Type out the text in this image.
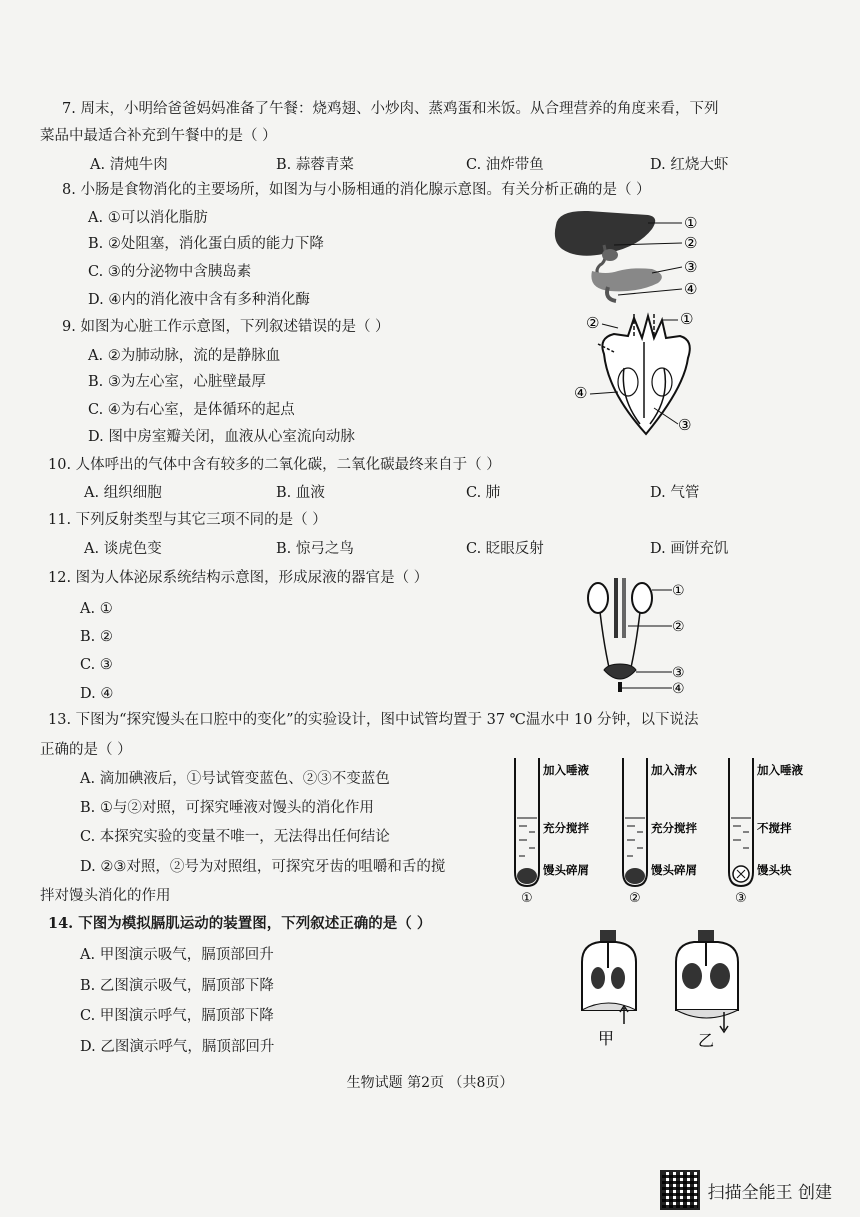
7. 周末，小明给爸爸妈妈准备了午餐：烧鸡翅、小炒肉、蒸鸡蛋和米饭。从合理营养的角度来看，下列
菜品中最适合补充到午餐中的是（ ）
A. 清炖牛肉	B. 蒜蓉青菜	C. 油炸带鱼	D. 红烧大虾
8. 小肠是食物消化的主要场所，如图为与小肠相通的消化腺示意图。有关分析正确的是（ ）
A. ①可以消化脂肪
B. ②处阻塞，消化蛋白质的能力下降
C. ③的分泌物中含胰岛素
D. ④内的消化液中含有多种消化酶
①
②
③
④
9. 如图为心脏工作示意图，下列叙述错误的是（ ）
A. ②为肺动脉，流的是静脉血
B. ③为左心室，心脏壁最厚
C. ④为右心室，是体循环的起点
D. 图中房室瓣关闭，血液从心室流向动脉
②	①
④
③
10. 人体呼出的气体中含有较多的二氧化碳，二氧化碳最终来自于（ ）
A. 组织细胞	B. 血液	C. 肺	D. 气管
11. 下列反射类型与其它三项不同的是（ ）
A. 谈虎色变	B. 惊弓之鸟	C. 眨眼反射	D. 画饼充饥
12. 图为人体泌尿系统结构示意图，形成尿液的器官是（ ）
A. ①
B. ②
C. ③
D. ④
①
②
③
④
13. 下图为“探究馒头在口腔中的变化”的实验设计，图中试管均置于 37 ℃温水中 10 分钟，以下说法
正确的是（ ）
A. 滴加碘液后，①号试管变蓝色、②③不变蓝色
B. ①与②对照，可探究唾液对馒头的消化作用
C. 本探究实验的变量不唯一，无法得出任何结论
D. ②③对照，②号为对照组，可探究牙齿的咀嚼和舌的搅
拌对馒头消化的作用
加入唾液
充分搅拌
馒头碎屑
①
加入清水
充分搅拌
馒头碎屑
②
加入唾液
不搅拌
馒头块
③
14. 下图为模拟膈肌运动的装置图，下列叙述正确的是（ ）
A. 甲图演示吸气，膈顶部回升
B. 乙图演示吸气，膈顶部下降
C. 甲图演示呼气，膈顶部下降
D. 乙图演示呼气，膈顶部回升	甲	乙
生物试题 第2页 （共8页）
扫描全能王 创建
